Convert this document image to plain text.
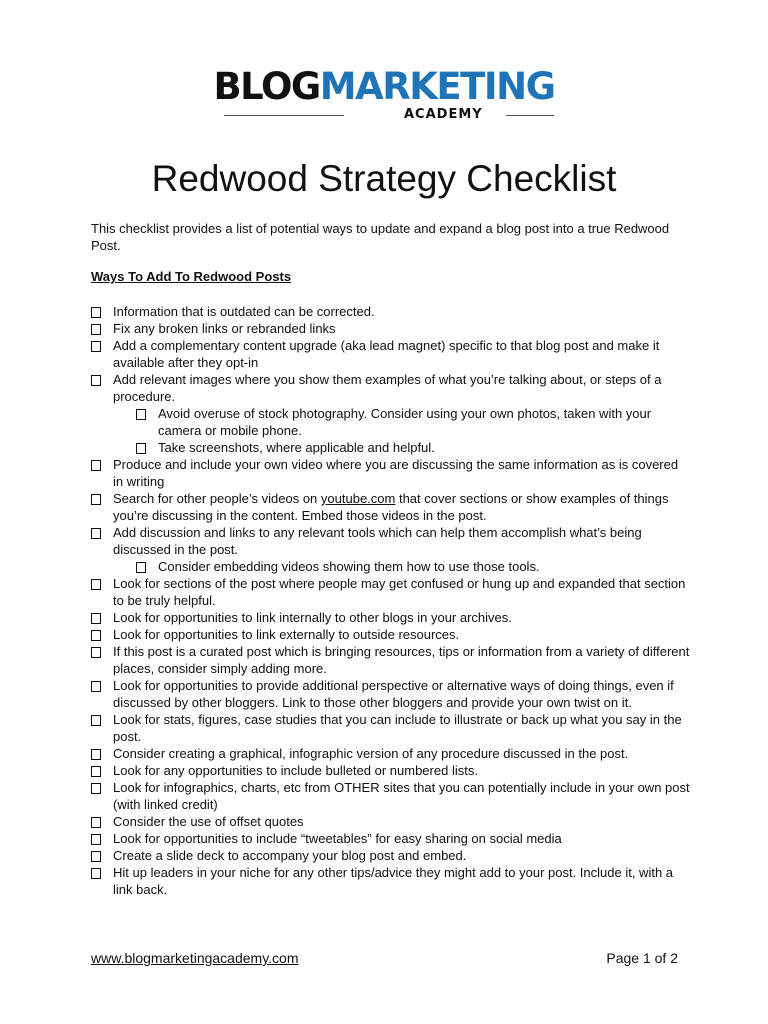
BLOGMARKETING
ACADEMY
Redwood Strategy Checklist

This checklist provides a list of potential ways to update and expand a blog post into a true Redwood Post.

Ways To Add To Redwood Posts

Information that is outdated can be corrected.
Fix any broken links or rebranded links
Add a complementary content upgrade (aka lead magnet) specific to that blog post and make it available after they opt-in
Add relevant images where you show them examples of what you’re talking about, or steps of a procedure.
Avoid overuse of stock photography. Consider using your own photos, taken with your camera or mobile phone.
Take screenshots, where applicable and helpful.
Produce and include your own video where you are discussing the same information as is covered in writing
Search for other people’s videos on youtube.com that cover sections or show examples of things you’re discussing in the content. Embed those videos in the post.
Add discussion and links to any relevant tools which can help them accomplish what’s being discussed in the post.
Consider embedding videos showing them how to use those tools.
Look for sections of the post where people may get confused or hung up and expanded that section to be truly helpful.
Look for opportunities to link internally to other blogs in your archives.
Look for opportunities to link externally to outside resources.
If this post is a curated post which is bringing resources, tips or information from a variety of different places, consider simply adding more.
Look for opportunities to provide additional perspective or alternative ways of doing things, even if discussed by other bloggers. Link to those other bloggers and provide your own twist on it.
Look for stats, figures, case studies that you can include to illustrate or back up what you say in the post.
Consider creating a graphical, infographic version of any procedure discussed in the post.
Look for any opportunities to include bulleted or numbered lists.
Look for infographics, charts, etc from OTHER sites that you can potentially include in your own post (with linked credit)
Consider the use of offset quotes
Look for opportunities to include “tweetables” for easy sharing on social media
Create a slide deck to accompany your blog post and embed.
Hit up leaders in your niche for any other tips/advice they might add to your post. Include it, with a link back.
www.blogmarketingacademy.com	Page 1 of 2
